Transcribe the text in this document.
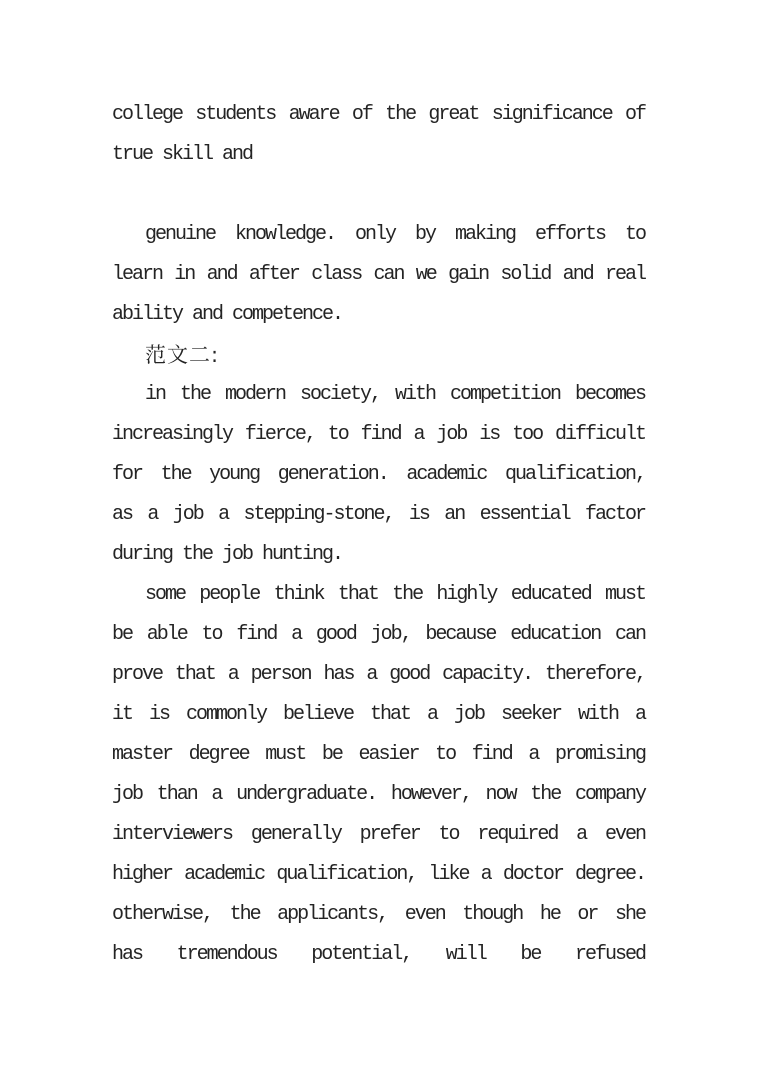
college students aware of the great significance of
true skill and
genuine knowledge. only by making efforts to
learn in and after class can we gain solid and real
ability and competence.
范文二:
in the modern society, with competition becomes
increasingly fierce, to find a job is too difficult
for the young generation. academic qualification,
as a job a stepping-stone, is an essential factor
during the job hunting.
some people think that the highly educated must
be able to find a good job, because education can
prove that a person has a good capacity. therefore,
it is commonly believe that a job seeker with a
master degree must be easier to find a promising
job than a undergraduate. however, now the company
interviewers generally prefer to required a even
higher academic qualification, like a doctor degree.
otherwise, the applicants, even though he or she
has tremendous potential, will be refused
